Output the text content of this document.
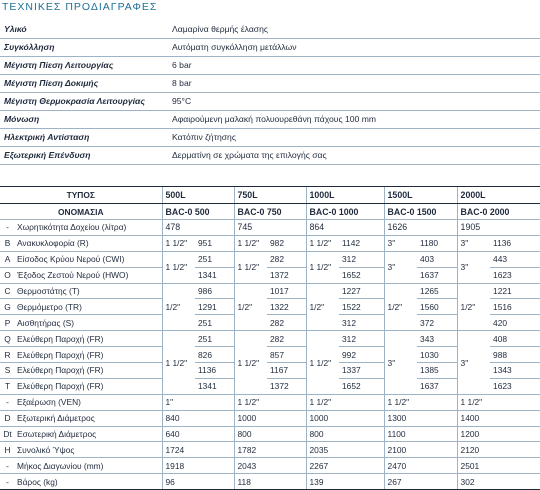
ΤΕΧΝΙΚΕΣ ΠΡΟΔΙΑΓΡΑΦΕΣ
Υλικό	Λαμαρίνα θερμής έλασης
Συγκόλληση	Αυτόματη συγκόλληση μετάλλων
Μέγιστη Πίεση Λειτουργίας	6 bar
Μέγιστη Πίεση Δοκιμής	8 bar
Μέγιστη Θερμοκρασία Λειτουργίας	95°C
Μόνωση	Αφαιρούμενη μαλακή πολυουρεθάνη πάχους 100 mm
Ηλεκτρική Αντίσταση	Κατόπιν ζήτησης
Εξωτερική Επένδυση	Δερματίνη σε χρώματα της επιλογής σας
ΤΥΠΟΣ		500L		750L		1000L		1500L		2000L	
ΟΝΟΜΑΣΙΑ		BAC-0 500		BAC-0 750		BAC-0 1000		BAC-0 1500		BAC-0 2000	
-	Χωρητικότητα Δοχείου (λίτρα)	478		745		864		1626		1905	
B	Ανακυκλοφορία (R)	1 1/2"	951	1 1/2"	982	1 1/2"	1142	3"	1180	3"	1136
A	Είσοδος Κρύου Νερού (CWI)	1 1/2"	251	1 1/2"	282	1 1/2"	312	3"	403	3"	443
O	Έξοδος Ζεστού Νερού (HWO)		1341		1372		1652		1637		1623
C	Θερμοστάτης (T)	1/2"	986	1/2"	1017	1/2"	1227	1/2"	1265	1/2"	1221
G	Θερμόμετρο (TR)		1291		1322		1522		1560		1516
P	Αισθητήρας (S)		251		282		312		372		420
Q	Ελεύθερη Παροχή (FR)	1 1/2"	251	1 1/2"	282	1 1/2"	312	3"	343	3"	408
R	Ελεύθερη Παροχή (FR)		826		857		992		1030		988
S	Ελεύθερη Παροχή (FR)		1136		1167		1337		1385		1343
T	Ελεύθερη Παροχή (FR)		1341		1372		1652		1637		1623
-	Εξαέρωση (VEN)	1"		1 1/2"		1 1/2"		1 1/2"		1 1/2"	
D	Εξωτερική Διάμετρος	840		1000		1000		1300		1400	
Dt	Εσωτερική Διάμετρος	640		800		800		1100		1200	
H	Συνολικό Ύψος	1724		1782		2035		2100		2120	
-	Μήκος Διαγωνίου (mm)	1918		2043		2267		2470		2501	
-	Βάρος (kg)	96		118		139		267		302	
